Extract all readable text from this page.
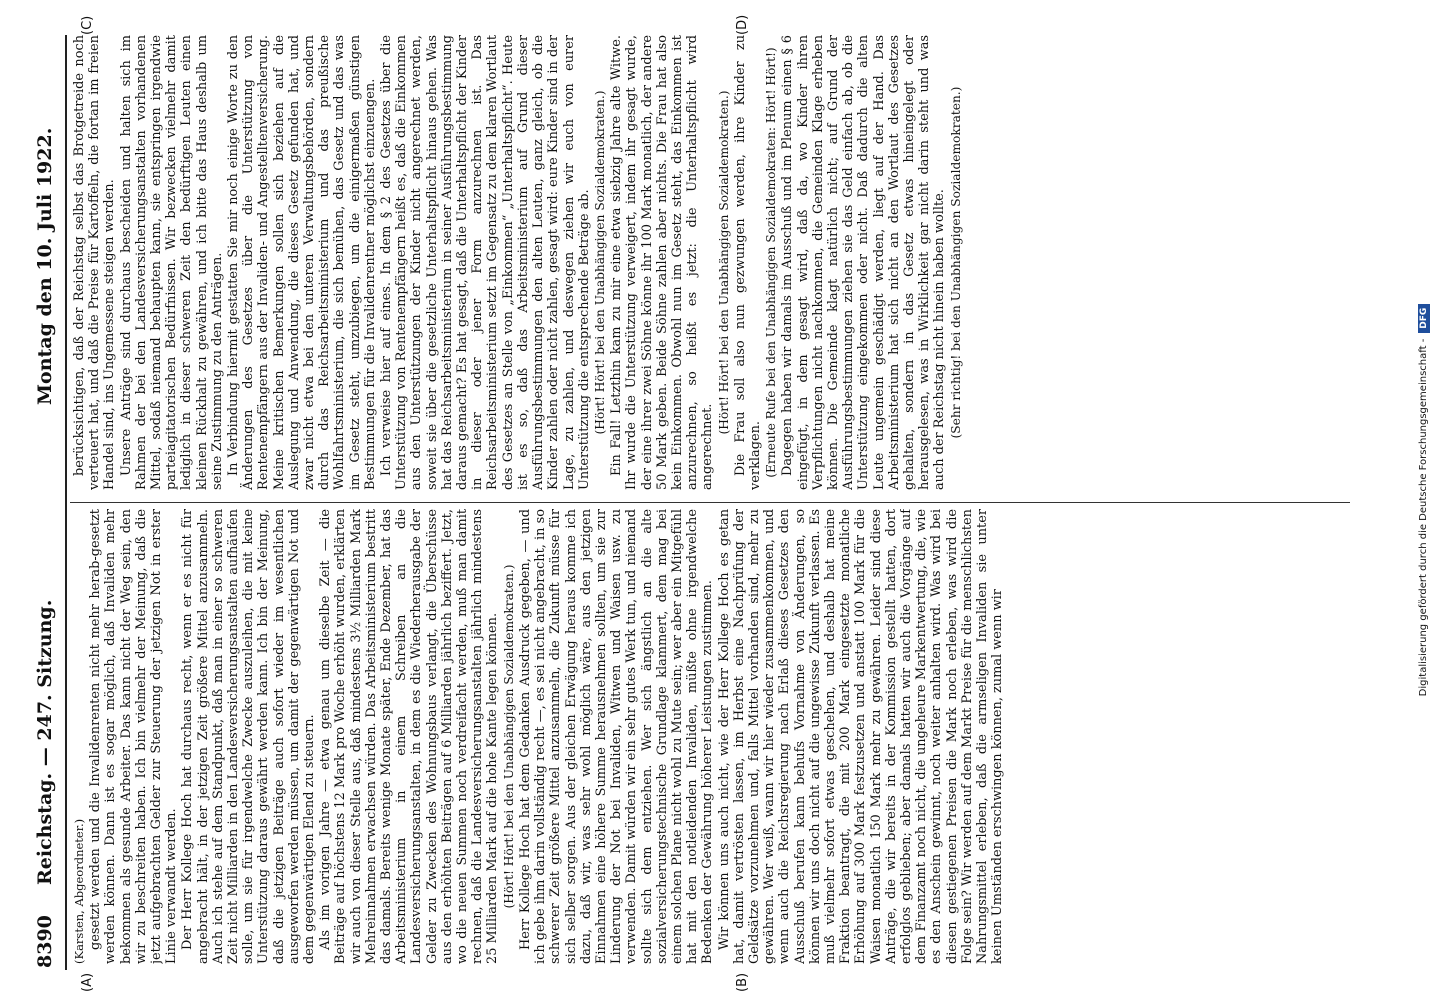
8390
Reichstag. — 247. Sitzung.
Montag den 10. Juli 1922.
(A)	(B)
(C)	(D)

(Karsten, Abgeordneter.) gesetzt werden und die Invalidenrenten nicht mehr herab-gesetzt werden können. Dann ist es sogar möglich, daß Invaliden mehr bekommen als gesunde Arbeiter. Das kann nicht der Weg sein, den wir zu beschreiten haben. Ich bin vielmehr der Meinung, daß die jetzt aufgebrachten Gelder zur Steuerung der jetzigen Not in erster Linie verwandt werden. Der Herr Kollege Hoch hat durchaus recht, wenn er es nicht für angebracht hält, in der jetzigen Zeit größere Mittel anzusammeln. Auch ich stehe auf dem Standpunkt, daß man in einer so schweren Zeit nicht Milliarden in den Landesversicherungsanstalten aufhäufen solle, um sie für irgendwelche Zwecke auszuleihen, die mit keine Unterstützung daraus gewährt werden kann. Ich bin der Meinung, daß die jetzigen Beiträge auch sofort wieder im wesentlichen ausgeworfen werden müssen, um damit der gegenwärtigen Not und dem gegenwärtigen Elend zu steuern. Als im vorigen Jahre — etwa genau um dieselbe Zeit — die Beiträge auf höchstens 12 Mark pro Woche erhöht wurden, erklärten wir auch von dieser Stelle aus, daß mindestens 3½ Milliarden Mark Mehreinnahmen erwachsen würden. Das Arbeitsministerium bestritt das damals. Bereits wenige Monate später, Ende Dezember, hat das Arbeitsministerium in einem Schreiben an die Landesversicherungsanstalten, in dem es die Wiederherausgabe der Gelder zu Zwecken des Wohnungsbaus verlangt, die Überschüsse aus den erhöhten Beiträgen auf 6 Milliarden jährlich beziffert. Jetzt, wo die neuen Summen noch verdreifacht werden, muß man damit rechnen, daß die Landesversicherungsanstalten jährlich mindestens 25 Milliarden Mark auf die hohe Kante legen können. (Hört! Hört! bei den Unabhängigen Sozialdemokraten.) Herr Kollege Hoch hat dem Gedanken Ausdruck gegeben, — und ich gebe ihm darin vollständig recht —, es sei nicht angebracht, in so schwerer Zeit größere Mittel anzusammeln, die Zukunft müsse für sich selber sorgen. Aus der gleichen Erwägung heraus komme ich dazu, daß wir, was sehr wohl möglich wäre, aus den jetzigen Einnahmen eine höhere Summe herausnehmen sollten, um sie zur Linderung der Not bei Invaliden, Witwen und Waisen usw. zu verwenden. Damit würden wir ein sehr gutes Werk tun, und niemand sollte sich dem entziehen. Wer sich ängstlich an die alte sozialversicherungstechnische Grundlage klammert, dem mag bei einem solchen Plane nicht wohl zu Mute sein; wer aber ein Mitgefühl hat mit den notleidenden Invaliden, müßte ohne irgendwelche Bedenken der Gewährung höherer Leistungen zustimmen. Wir können uns auch nicht, wie der Herr Kollege Hoch es getan hat, damit vertrösten lassen, im Herbst eine Nachprüfung der Geldsätze vorzunehmen und, falls Mittel vorhanden sind, mehr zu gewähren. Wer weiß, wann wir hier wieder zusammenkommen, und wenn auch die Reichsregierung nach Erlaß dieses Gesetzes den Ausschuß berufen kann behufs Vornahme von Änderungen, so können wir uns doch nicht auf die ungewisse Zukunft verlassen. Es muß vielmehr sofort etwas geschehen, und deshalb hat meine Fraktion beantragt, die mit 200 Mark eingesetzte monatliche Erhöhung auf 300 Mark festzusetzen und anstatt 100 Mark für die Waisen monatlich 150 Mark mehr zu gewähren. Leider sind diese Anträge, die wir bereits in der Kommission gestellt hatten, dort erfolglos geblieben; aber damals hatten wir auch die Vorgänge auf dem Finanzamt noch nicht, die ungeheure Markentwertung, die, wie es den Anschein gewinnt, noch weiter anhalten wird. Was wird bei diesen gestiegenen Preisen die Mark noch erleben, was wird die Folge sein? Wir werden auf dem Markt Preise für die menschlichsten Nahrungsmittel erleben, daß die armseligen Invaliden sie unter keinen Umständen erschwingen können, zumal wenn wir

berücksichtigen, daß der Reichstag selbst das Brotgetreide noch verteuert hat, und daß die Preise für Kartoffeln, die fortan im freien Handel sind, ins Ungemessene steigen werden. Unsere Anträge sind durchaus bescheiden und halten sich im Rahmen der bei den Landesversicherungsanstalten vorhandenen Mittel, sodaß niemand behaupten kann, sie entspringen irgendwie parteiagitatorischen Bedürfnissen. Wir bezwecken vielmehr damit lediglich in dieser schweren Zeit den bedürftigen Leuten einen kleinen Rückhalt zu gewähren, und ich bitte das Haus deshalb um seine Zustimmung zu den Anträgen. In Verbindung hiermit gestatten Sie mir noch einige Worte zu den Änderungen des Gesetzes über die Unterstützung von Rentenempfängern aus der Invaliden- und Angestelltenversicherung. Meine kritischen Bemerkungen sollen sich beziehen auf die Auslegung und Anwendung, die dieses Gesetz gefunden hat, und zwar nicht etwa bei den unteren Verwaltungsbehörden, sondern durch das Reichsarbeitsministerium und das preußische Wohlfahrtsministerium, die sich bemühen, das Gesetz und das was im Gesetz steht, umzubiegen, um die einigermaßen günstigen Bestimmungen für die Invalidenrentner möglichst einzuengen. Ich verweise hier auf eines. In dem § 2 des Gesetzes über die Unterstützung von Rentenempfängern heißt es, daß die Einkommen aus den Unterstützungen der Kinder nicht angerechnet werden, soweit sie über die gesetzliche Unterhaltspflicht hinaus gehen. Was hat das Reichsarbeitsministerium in seiner Ausführungsbestimmung daraus gemacht? Es hat gesagt, daß die Unterhaltspflicht der Kinder in dieser oder jener Form anzurechnen ist. Das Reichsarbeitsministerium setzt im Gegensatz zu dem klaren Wortlaut des Gesetzes an Stelle von „Einkommen“ „Unterhaltspflicht“. Heute ist es so, daß das Arbeitsministerium auf Grund dieser Ausführungsbestimmungen den alten Leuten, ganz gleich, ob die Kinder zahlen oder nicht zahlen, gesagt wird: eure Kinder sind in der Lage, zu zahlen, und deswegen ziehen wir euch von eurer Unterstützung die entsprechende Beträge ab. (Hört! Hört! bei den Unabhängigen Sozialdemokraten.) Ein Fall! Letzthin kam zu mir eine etwa siebzig Jahre alte Witwe. Ihr wurde die Unterstützung verweigert, indem ihr gesagt wurde, der eine ihrer zwei Söhne könne ihr 100 Mark monatlich, der andere 50 Mark geben. Beide Söhne zahlen aber nichts. Die Frau hat also kein Einkommen. Obwohl nun im Gesetz steht, das Einkommen ist anzurechnen, so heißt es jetzt: die Unterhaltspflicht wird angerechnet.

(Hört! Hört! bei den Unabhängigen Sozialdemokraten.) Die Frau soll also nun gezwungen werden, ihre Kinder zu verklagen. (Erneute Rufe bei den Unabhängigen Sozialdemokraten: Hört! Hört!) Dagegen haben wir damals im Ausschuß und im Plenum einen § 6 eingefügt, in dem gesagt wird, daß da, wo Kinder ihren Verpflichtungen nicht nachkommen, die Gemeinden Klage erheben können. Die Gemeinde klagt natürlich nicht; auf Grund der Ausführungsbestimmungen ziehen sie das Geld einfach ab, ob die Unterstützung eingekommen oder nicht. Daß dadurch die alten Leute ungemein geschädigt werden, liegt auf der Hand. Das Arbeitsministerium hat sich nicht an den Wortlaut des Gesetzes gehalten, sondern in das Gesetz etwas hineingelegt oder herausgelesen, was in Wirklichkeit gar nicht darin steht und was auch der Reichstag nicht hinein haben wollte. (Sehr richtig! bei den Unabhängigen Sozialdemokraten.)

Digitalisierung gefördert durch die Deutsche Forschungsgemeinschaft -DFG
